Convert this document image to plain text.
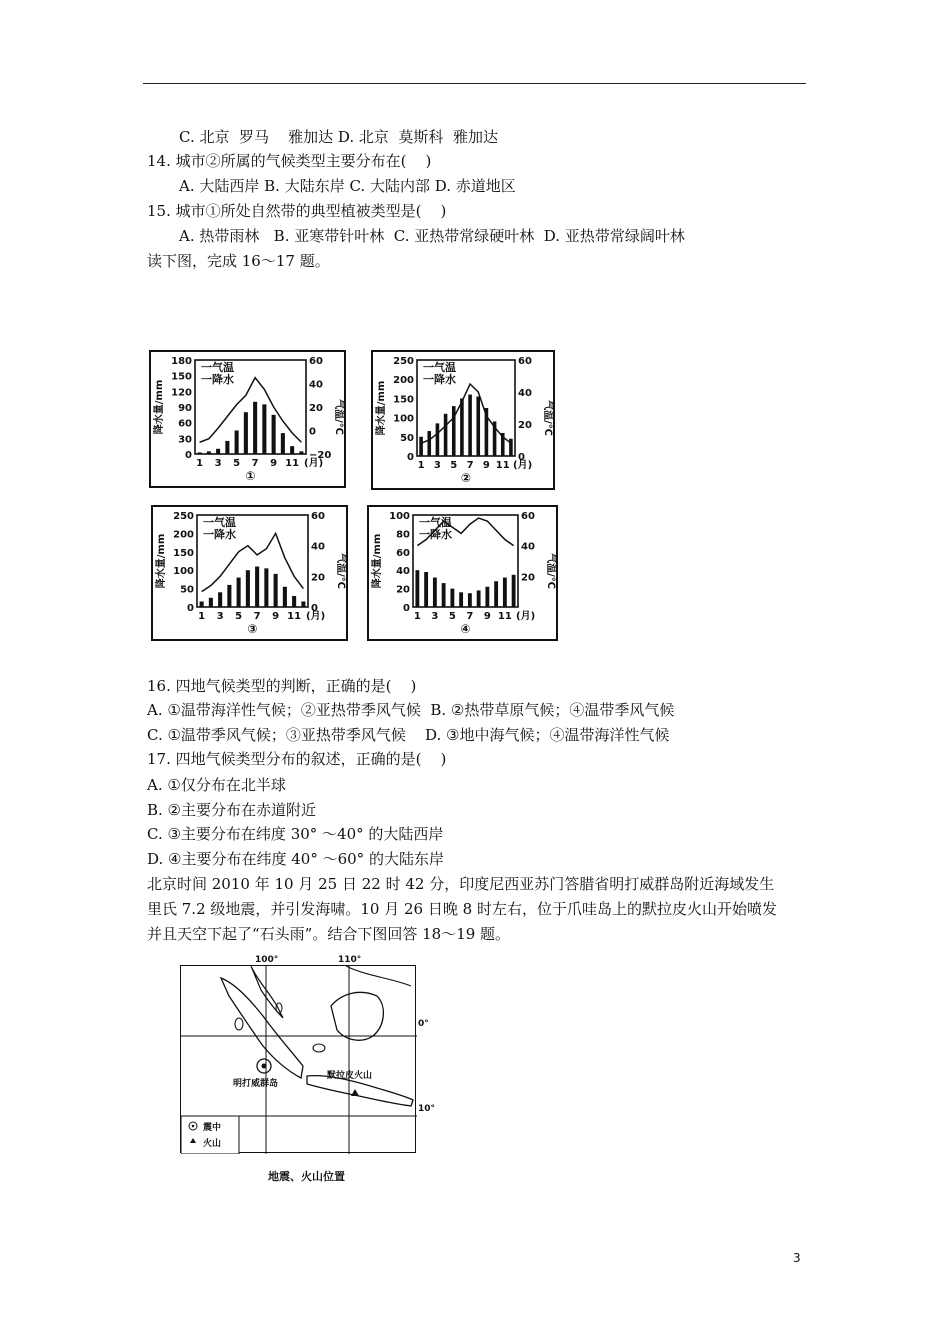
C. 北京  罗马    雅加达 D. 北京  莫斯科  雅加达
14. 城市②所属的气候类型主要分布在(    )
A. 大陆西岸 B. 大陆东岸 C. 大陆内部 D. 赤道地区
15. 城市①所处自然带的典型植被类型是(    )
A. 热带雨林   B. 亚寒带针叶林  C. 亚热带常绿硬叶林  D. 亚热带常绿阔叶林
读下图，完成 16～17 题。
180
150
120
90
60
30
0
60
40
20
0
−20
1 3 5 7 9 11 (月)
①
一气温
一降水
降水量/mm	气温/℃
250
200
150
100
50
0
60
40
20
0
1 3 5 7 9 11 (月)
②
一气温
一降水
降水量/mm	气温/℃
250
200
150
100
50
0
60
40
20
0
1 3 5 7 9 11 (月)
③
一气温
一降水
降水量/mm	气温/℃
100
80
60
40
20
0
60
40
20
1 3 5 7 9 11 (月)
④
一气温
一降水
降水量/mm	气温/℃
16. 四地气候类型的判断，正确的是(    )
A. ①温带海洋性气候；②亚热带季风气候  B. ②热带草原气候；④温带季风气候
C. ①温带季风气候；③亚热带季风气候    D. ③地中海气候；④温带海洋性气候
17. 四地气候类型分布的叙述，正确的是(    )
A. ①仅分布在北半球
B. ②主要分布在赤道附近
C. ③主要分布在纬度 30° ～40° 的大陆西岸
D. ④主要分布在纬度 40° ～60° 的大陆东岸
北京时间 2010 年 10 月 25 日 22 时 42 分，印度尼西亚苏门答腊省明打威群岛附近海域发生
里氏 7.2 级地震，并引发海啸。10 月 26 日晚 8 时左右，位于爪哇岛上的默拉皮火山开始喷发
并且天空下起了“石头雨”。结合下图回答 18～19 题。
震中
火山
明打威群岛
默拉皮火山
0°
10°
100°	110°
地震、火山位置
3
